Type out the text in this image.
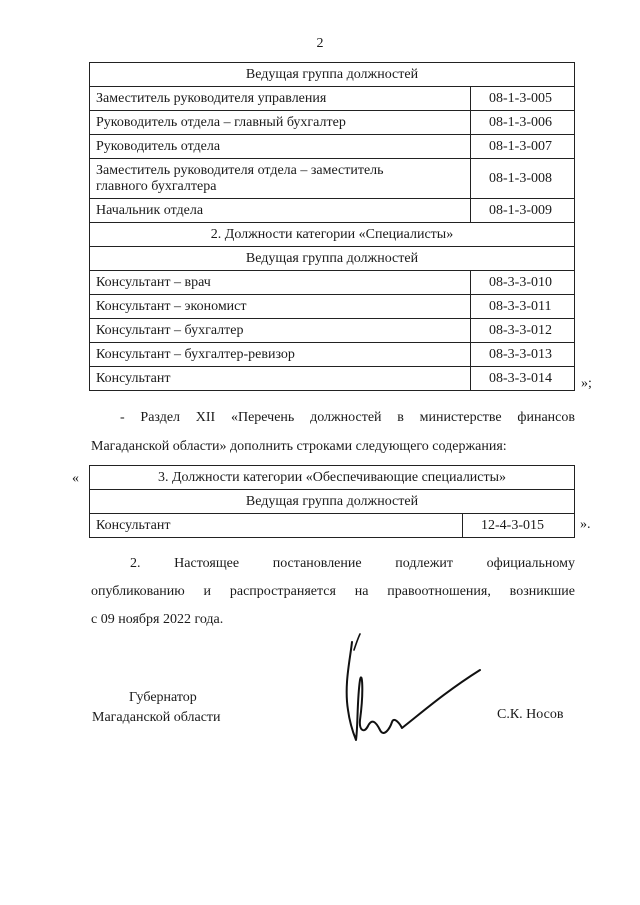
2
Ведущая группа должностей	
Заместитель руководителя управления	08-1-3-005
Руководитель отдела – главный бухгалтер	08-1-3-006
Руководитель отдела	08-1-3-007

Заместитель руководителя отдела – заместитель
главного бухгалтера	08-1-3-008
Начальник отдела	08-1-3-009
2. Должности категории «Специалисты»	
Ведущая группа должностей	
Консультант – врач	08-3-3-010
Консультант – экономист	08-3-3-011
Консультант – бухгалтер	08-3-3-012
Консультант – бухгалтер-ревизор	08-3-3-013
Консультант	08-3-3-014 »;
- Раздел XII «Перечень должностей в министерстве финансов
Магаданской области» дополнить строками следующего содержания:
«	3. Должности категории «Обеспечивающие специалисты»
Ведущая группа должностей
Консультант	12-4-3-015	».
2. Настоящее постановление подлежит официальному
опубликованию и распространяется на правоотношения, возникшие
с 09 ноября 2022 года.
Губернатор
Магаданской области	С.К. Носов
